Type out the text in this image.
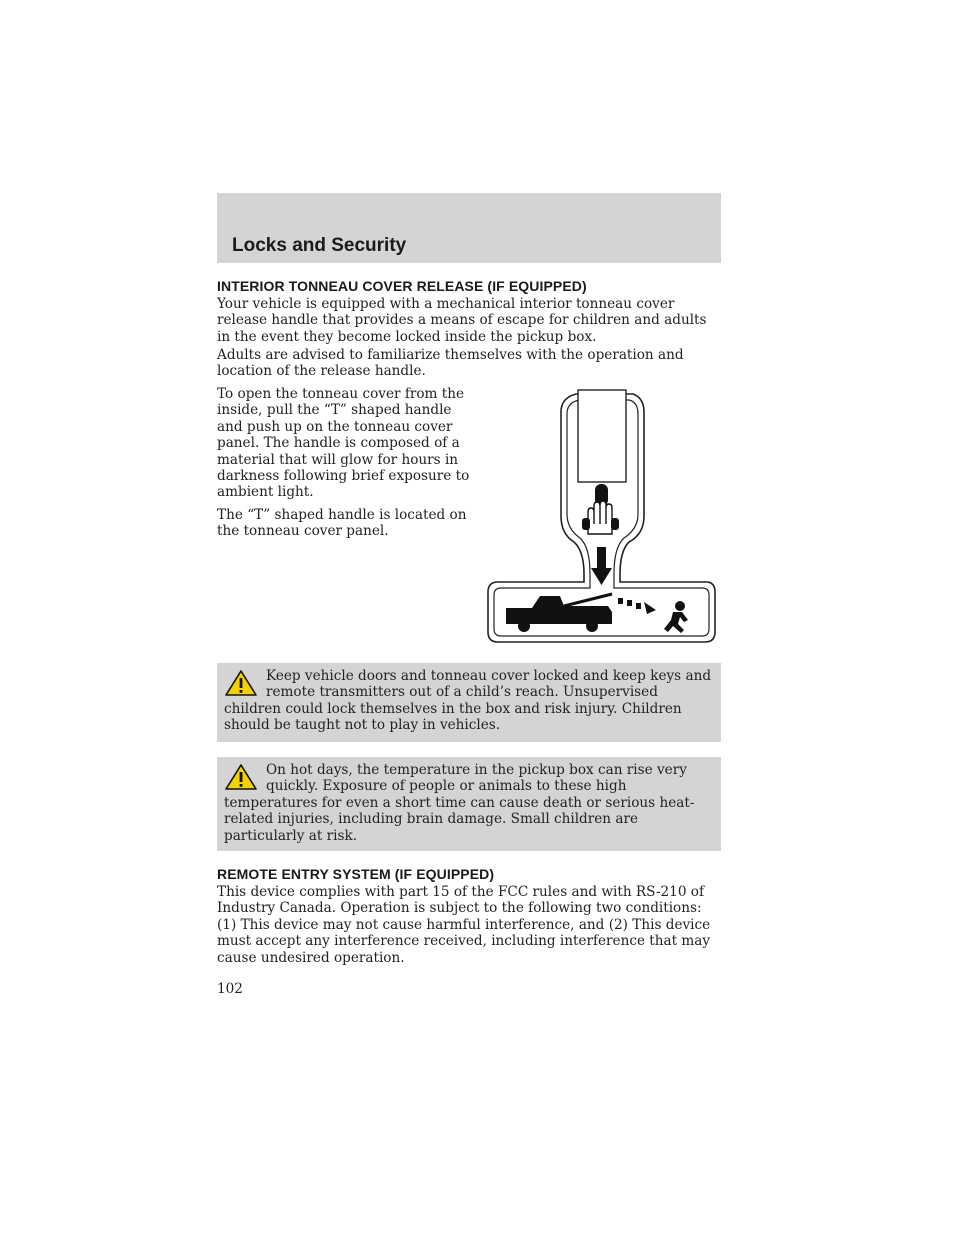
Locks and Security
INTERIOR TONNEAU COVER RELEASE (IF EQUIPPED)

Your vehicle is equipped with a mechanical interior tonneau cover release handle that provides a means of escape for children and adults in the event they become locked inside the pickup box.

Adults are advised to familiarize themselves with the operation and location of the release handle.

To open the tonneau cover from the inside, pull the “T” shaped handle and push up on the tonneau cover panel. The handle is composed of a material that will glow for hours in darkness following brief exposure to ambient light.

The “T” shaped handle is located on the tonneau cover panel.

Keep vehicle doors and tonneau cover locked and keep keys and remote transmitters out of a child’s reach. Unsupervised children could lock themselves in the box and risk injury. Children should be taught not to play in vehicles.

On hot days, the temperature in the pickup box can rise very quickly. Exposure of people or animals to these high temperatures for even a short time can cause death or serious heat-related injuries, including brain damage. Small children are particularly at risk.

REMOTE ENTRY SYSTEM (IF EQUIPPED)

This device complies with part 15 of the FCC rules and with RS-210 of Industry Canada. Operation is subject to the following two conditions: (1) This device may not cause harmful interference, and (2) This device must accept any interference received, including interference that may cause undesired operation.

102
